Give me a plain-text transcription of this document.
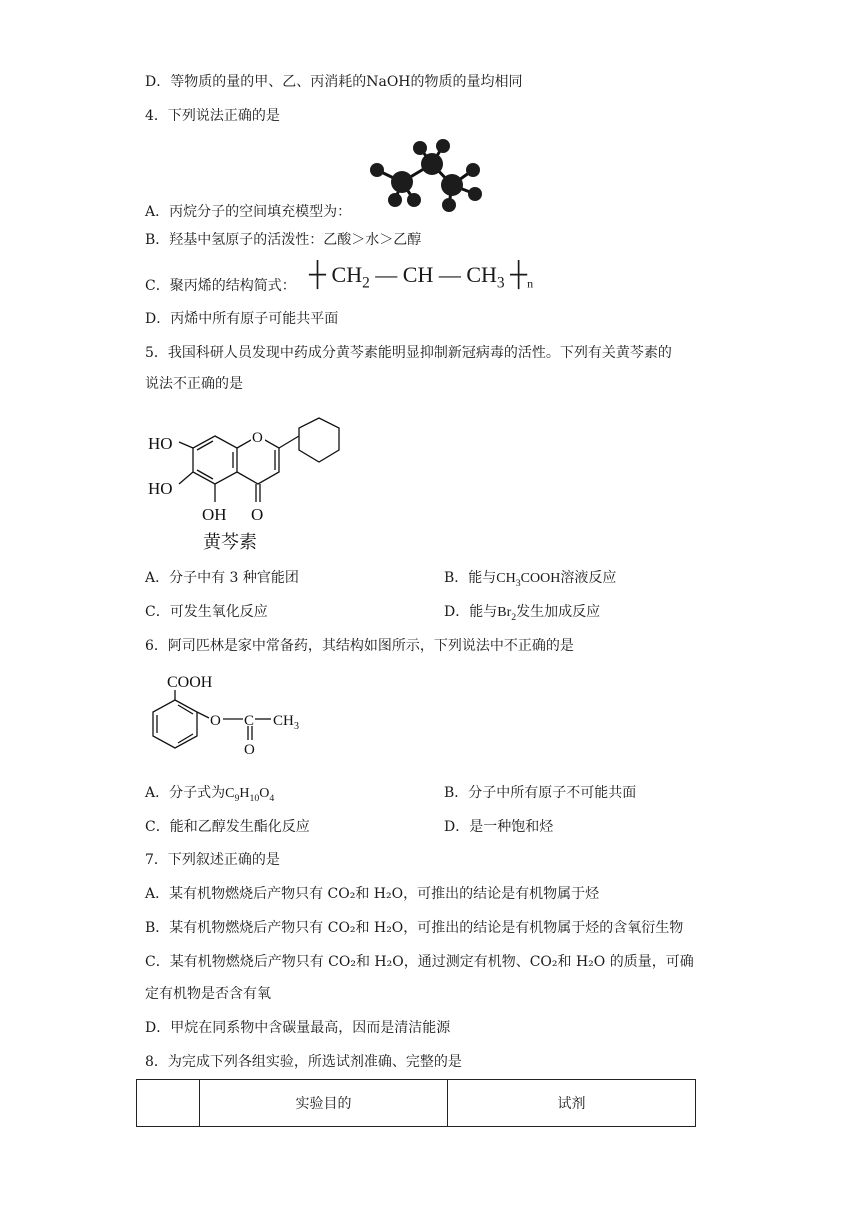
D．等物质的量的甲、乙、丙消耗的NaOH的物质的量均相同
4．下列说法正确的是
A．丙烷分子的空间填充模型为：
B．羟基中氢原子的活泼性：乙酸＞水＞乙醇
C．聚丙烯的结构简式： ┼ $CH_2$ — CH — $CH_3$ $┼_n$
D．丙烯中所有原子可能共平面
5．我国科研人员发现中药成分黄芩素能明显抑制新冠病毒的活性。下列有关黄芩素的
说法不正确的是
HO
HO
OH
O
O
黄芩素
A．分子中有 3 种官能团	B．能与$CH_3COOH$溶液反应
C．可发生氧化反应	D．能与$Br_2$发生加成反应
6．阿司匹林是家中常备药，其结构如图所示，下列说法中不正确的是
COOH
O C CH 3
O
A．分子式为$C_9H_{10}O_4$	B．分子中所有原子不可能共面
C．能和乙醇发生酯化反应	D．是一种饱和烃
7．下列叙述正确的是
A．某有机物燃烧后产物只有 CO₂和 H₂O，可推出的结论是有机物属于烃
B．某有机物燃烧后产物只有 CO₂和 H₂O，可推出的结论是有机物属于烃的含氧衍生物
C．某有机物燃烧后产物只有 CO₂和 H₂O，通过测定有机物、CO₂和 H₂O 的质量，可确
定有机物是否含有氧
D．甲烷在同系物中含碳量最高，因而是清洁能源
8．为完成下列各组实验，所选试剂准确、完整的是
	实验目的	试剂
